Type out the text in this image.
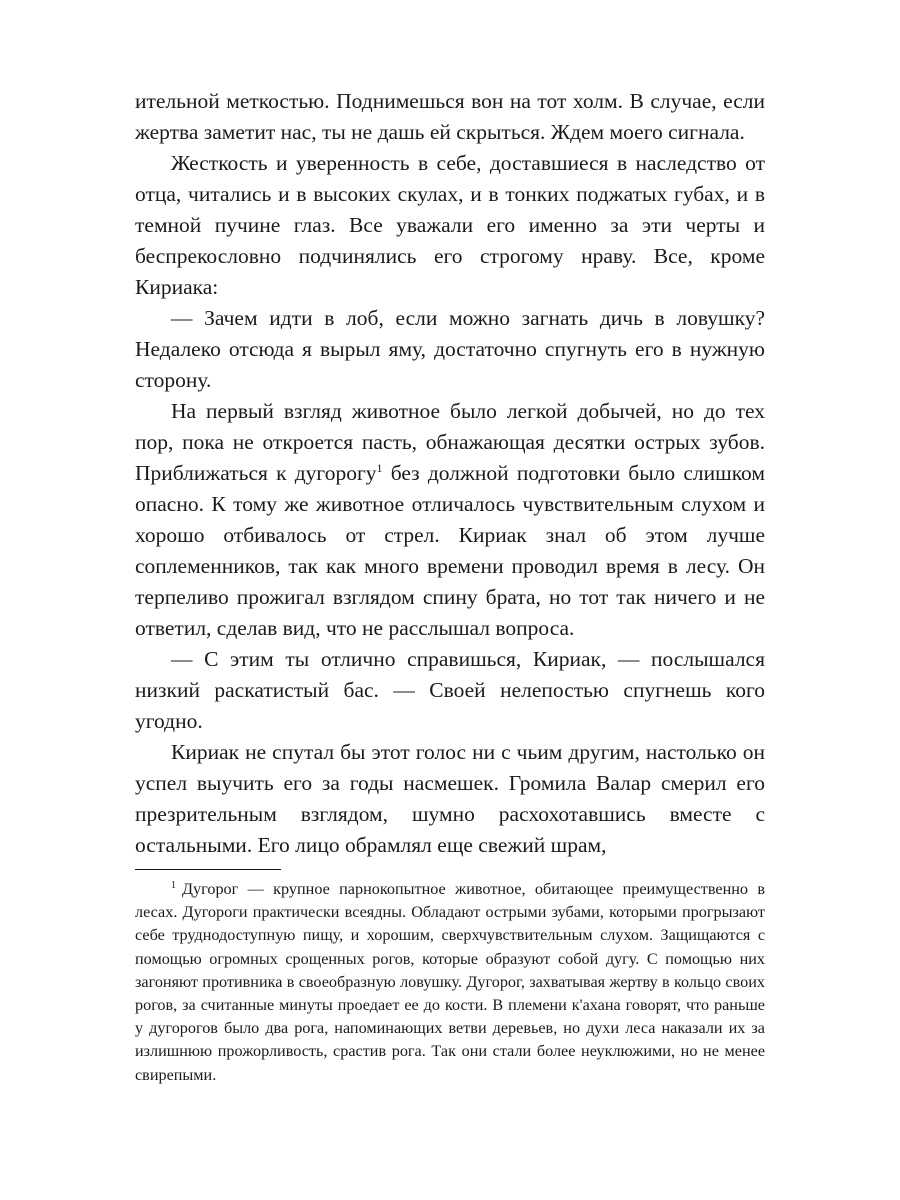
ительной меткостью. Поднимешься вон на тот холм. В случае, если жертва заметит нас, ты не дашь ей скрыться. Ждем моего сигнала.

Жесткость и уверенность в себе, доставшиеся в наследство от отца, читались и в высоких скулах, и в тонких поджатых губах, и в темной пучине глаз. Все уважали его именно за эти черты и беспрекословно подчинялись его строгому нраву. Все, кроме Кириака:

— Зачем идти в лоб, если можно загнать дичь в ловушку? Недалеко отсюда я вырыл яму, достаточно спугнуть его в нужную сторону.

На первый взгляд животное было легкой добычей, но до тех пор, пока не откроется пасть, обнажающая десятки острых зубов. Приближаться к дугорогу$^1$ без должной подготовки было слишком опасно. К тому же животное отличалось чувствительным слухом и хорошо отбивалось от стрел. Кириак знал об этом лучше соплеменников, так как много времени проводил время в лесу. Он терпеливо прожигал взглядом спину брата, но тот так ничего и не ответил, сделав вид, что не расслышал вопроса.

— С этим ты отлично справишься, Кириак, — послышался низкий раскатистый бас. — Своей нелепостью спугнешь кого угодно.

Кириак не спутал бы этот голос ни с чьим другим, настолько он успел выучить его за годы насмешек. Громила Валар смерил его презрительным взглядом, шумно расхохотавшись вместе с остальными. Его лицо обрамлял еще свежий шрам,

$^1$ Дугорог — крупное парнокопытное животное, обитающее преимущественно в лесах. Дугороги практически всеядны. Обладают острыми зубами, которыми прогрызают себе труднодоступную пищу, и хорошим, сверхчувствительным слухом. Защищаются с помощью огромных срощенных рогов, которые образуют собой дугу. С помощью них загоняют противника в своеобразную ловушку. Дугорог, захватывая жертву в кольцо своих рогов, за считанные минуты проедает ее до кости. В племени к'ахана говорят, что раньше у дугорогов было два рога, напоминающих ветви деревьев, но духи леса наказали их за излишнюю прожорливость, срастив рога. Так они стали более неуклюжими, но не менее свирепыми.
